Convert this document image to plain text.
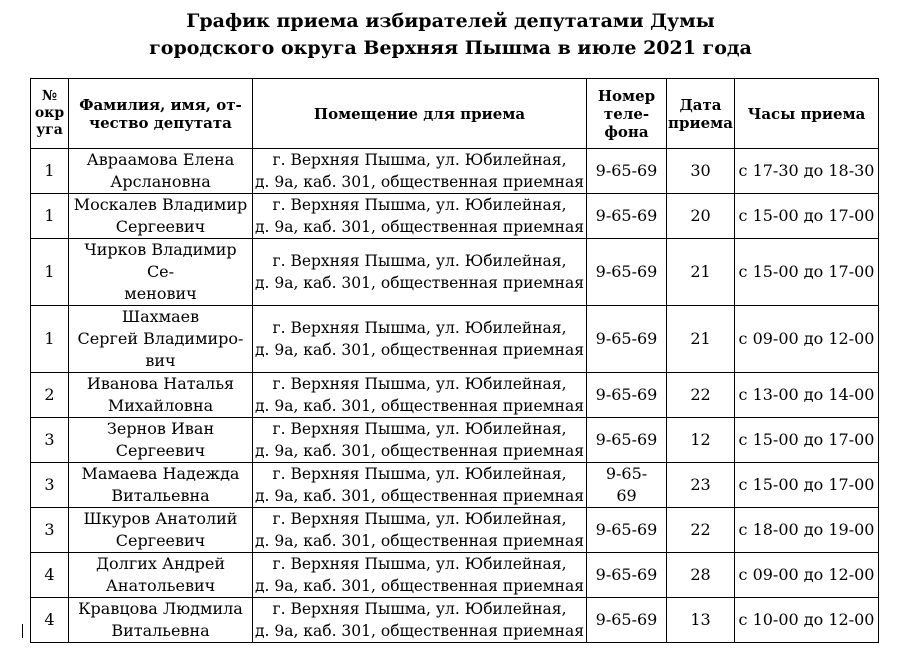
График приема избирателей депутатами Думы
городского округа Верхняя Пышма в июле 2021 года
№
окр
уга	Фамилия, имя, от-
чество депутата	Помещение для приема	Номер
теле-
фона	Дата
приема	Часы приема
1	Авраамова Елена
Арслановна	г. Верхняя Пышма, ул. Юбилейная,
д. 9а, каб. 301, общественная приемная	9-65-69	30	с 17-30 до 18-30
1	Москалев Владимир
Сергеевич	г. Верхняя Пышма, ул. Юбилейная,
д. 9а, каб. 301, общественная приемная	9-65-69	20	с 15-00 до 17-00
1	Чирков Владимир Се-
менович	г. Верхняя Пышма, ул. Юбилейная,
д. 9а, каб. 301, общественная приемная	9-65-69	21	с 15-00 до 17-00
1	Шахмаев
Сергей Владимиро-
вич	г. Верхняя Пышма, ул. Юбилейная,
д. 9а, каб. 301, общественная приемная	9-65-69	21	с 09-00 до 12-00
2	Иванова Наталья
Михайловна	г. Верхняя Пышма, ул. Юбилейная,
д. 9а, каб. 301, общественная приемная	9-65-69	22	с 13-00 до 14-00
3	Зернов Иван
Сергеевич	г. Верхняя Пышма, ул. Юбилейная,
д. 9а, каб. 301, общественная приемная	9-65-69	12	с 15-00 до 17-00
3	Мамаева Надежда
Витальевна	г. Верхняя Пышма, ул. Юбилейная,
д. 9а, каб. 301, общественная приемная	9-65-
69	23	с 15-00 до 17-00
3	Шкуров Анатолий
Сергеевич	г. Верхняя Пышма, ул. Юбилейная,
д. 9а, каб. 301, общественная приемная	9-65-69	22	с 18-00 до 19-00
4	Долгих Андрей
Анатольевич	г. Верхняя Пышма, ул. Юбилейная,
д. 9а, каб. 301, общественная приемная	9-65-69	28	с 09-00 до 12-00
4	Кравцова Людмила
Витальевна	г. Верхняя Пышма, ул. Юбилейная,
д. 9а, каб. 301, общественная приемная	9-65-69	13	с 10-00 до 12-00
